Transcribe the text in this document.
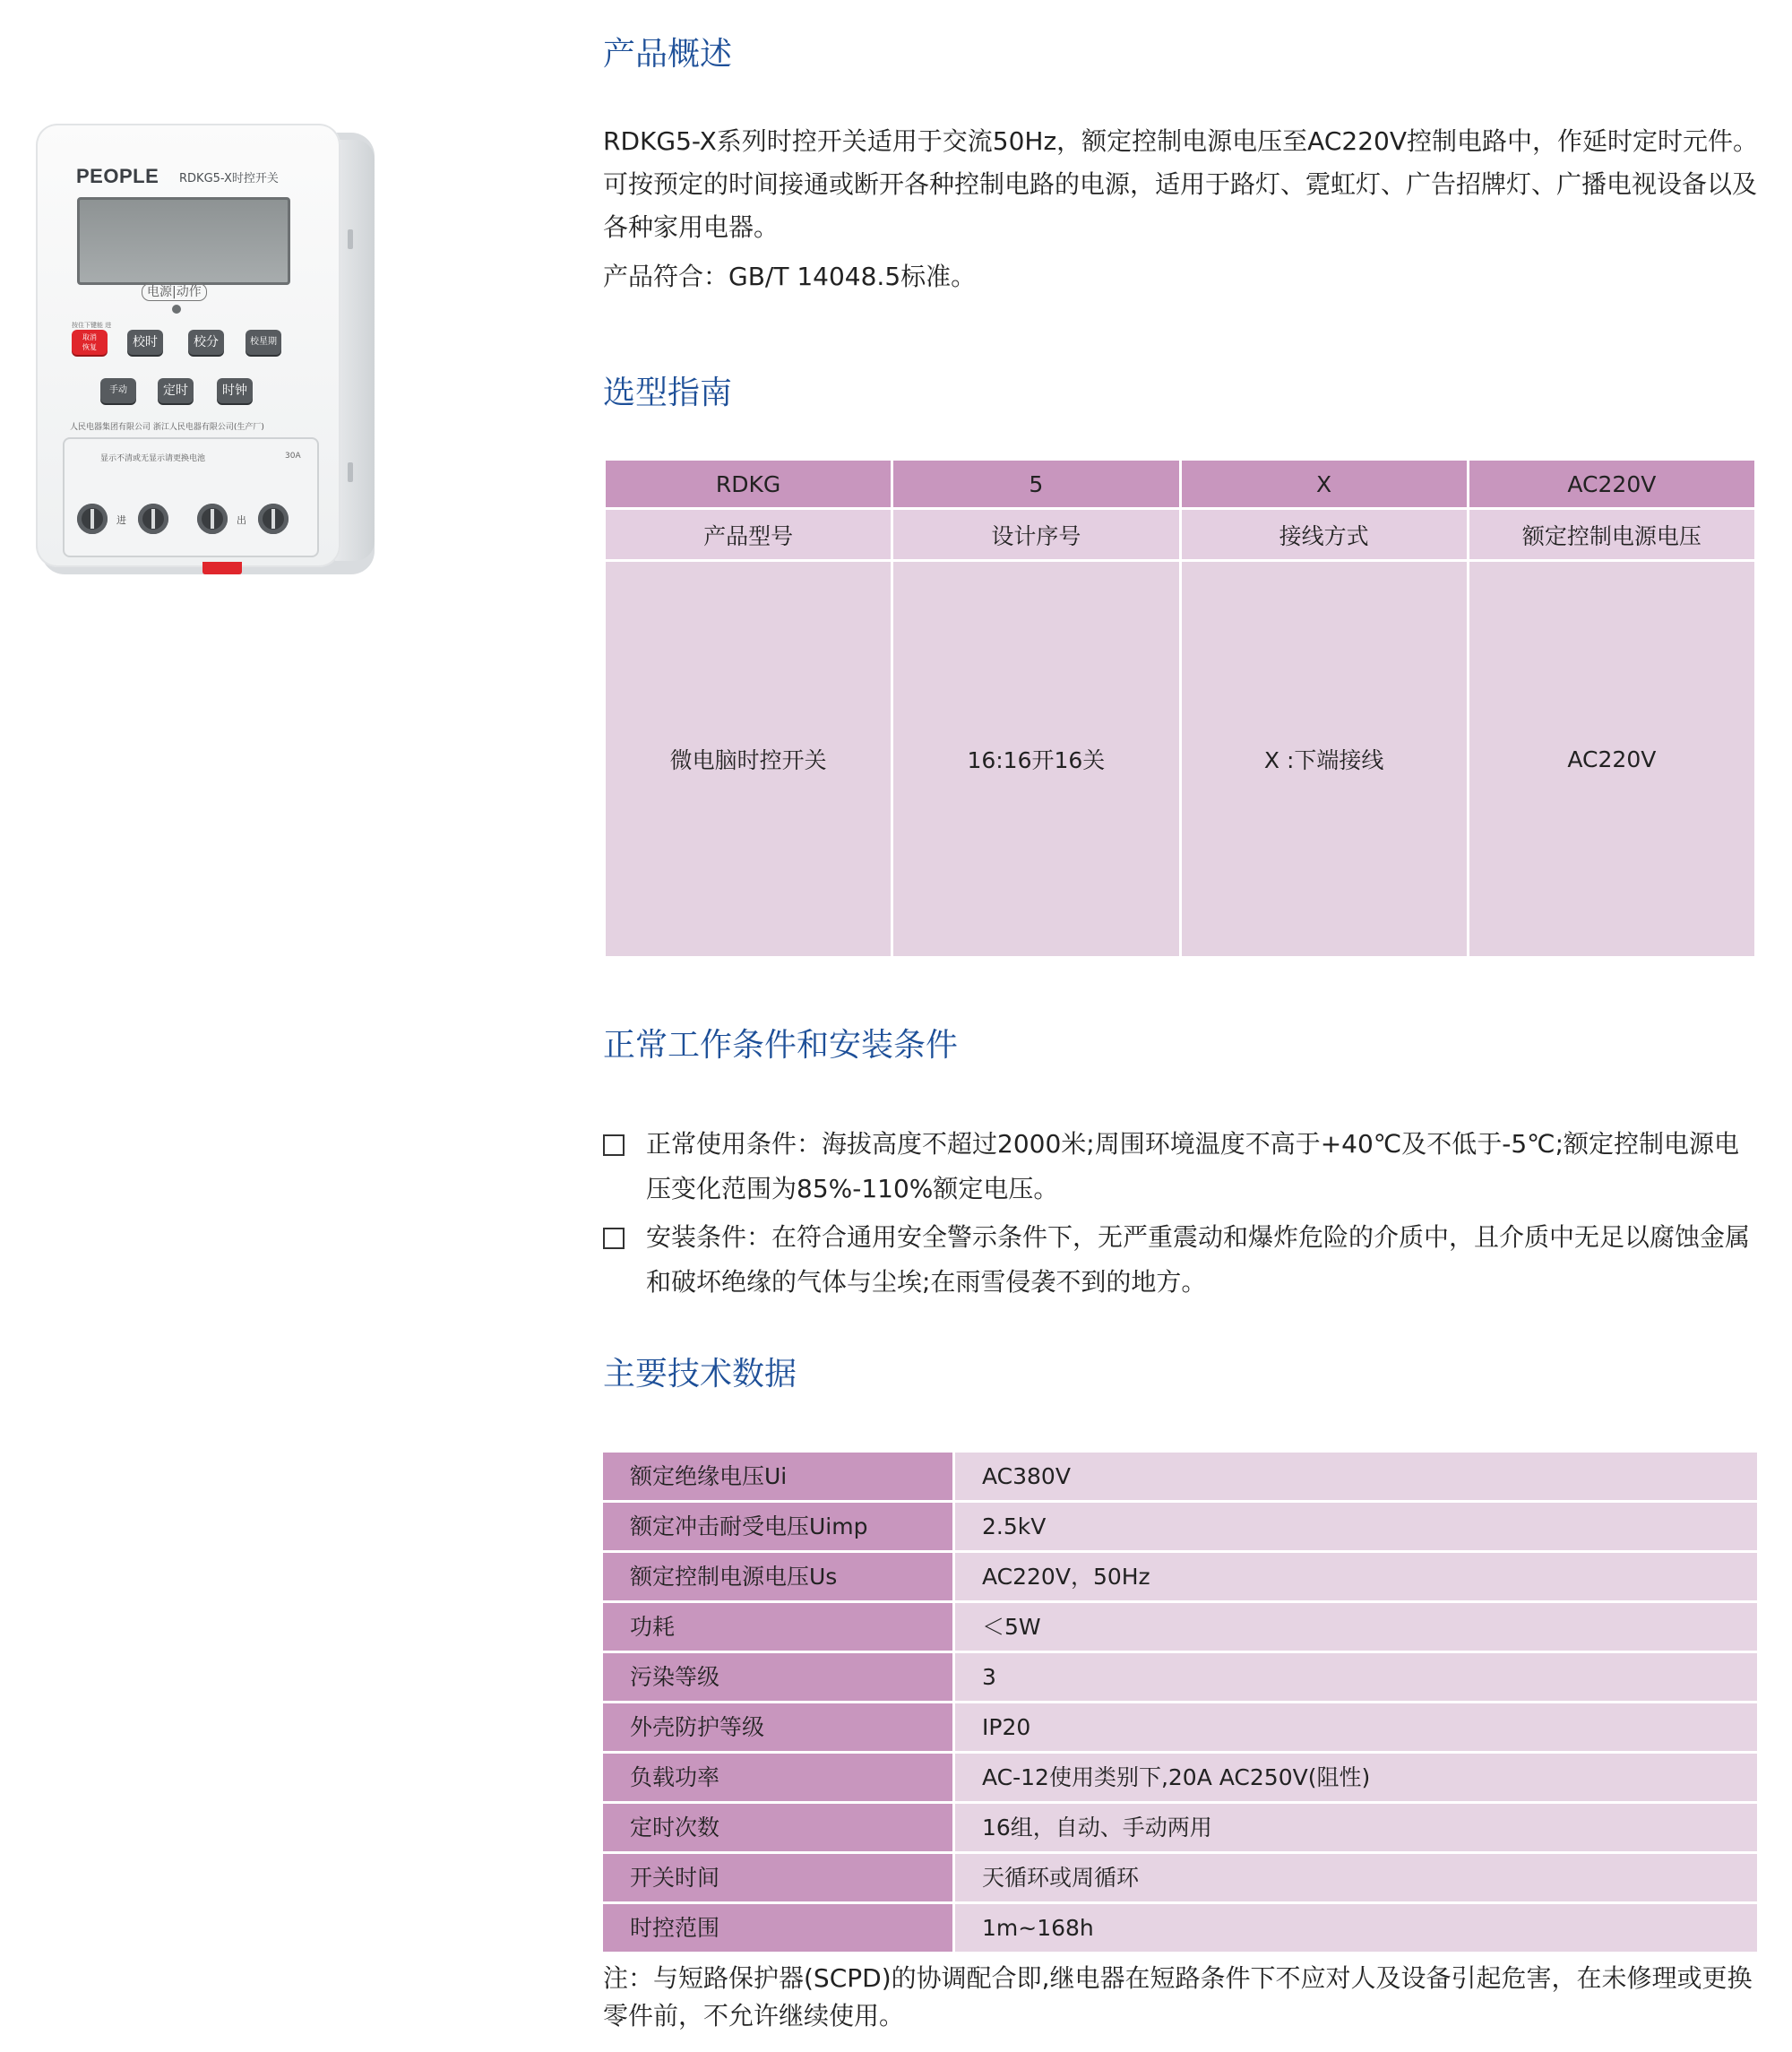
PEOPLE RDKG5-X时控开关
电源|动作
按住下键能 进
取消
恢复	校时	校分	校星期
手动	定时	时钟
人民电器集团有限公司 浙江人民电器有限公司(生产厂)
显示不清或无显示请更换电池	30A
进	出
产品概述
RDKG5-X系列时控开关适用于交流50Hz，额定控制电源电压至AC220V控制电路中，作延时定时元件。可按预定的时间接通或断开各种控制电路的电源，适用于路灯、霓虹灯、广告招牌灯、广播电视设备以及各种家用电器。
产品符合：GB/T 14048.5标准。
选型指南
RDKG	5	X	AC220V
产品型号	设计序号	接线方式	额定控制电源电压
微电脑时控开关	16:16开16关	X :下端接线	AC220V
正常工作条件和安装条件
正常使用条件：海拔高度不超过2000米;周围环境温度不高于+40℃及不低于-5℃;额定控制电源电压变化范围为85%-110%额定电压。
安装条件：在符合通用安全警示条件下，无严重震动和爆炸危险的介质中，且介质中无足以腐蚀金属和破坏绝缘的气体与尘埃;在雨雪侵袭不到的地方。
主要技术数据
额定绝缘电压Ui	AC380V
额定冲击耐受电压Uimp	2.5kV
额定控制电源电压Us	AC220V，50Hz
功耗	＜5W
污染等级	3
外壳防护等级	IP20
负载功率	AC-12使用类别下,20A AC250V(阻性)
定时次数	16组，自动、手动两用
开关时间	天循环或周循环
时控范围	1m~168h
注：与短路保护器(SCPD)的协调配合即,继电器在短路条件下不应对人及设备引起危害，在未修理或更换零件前，不允许继续使用。
